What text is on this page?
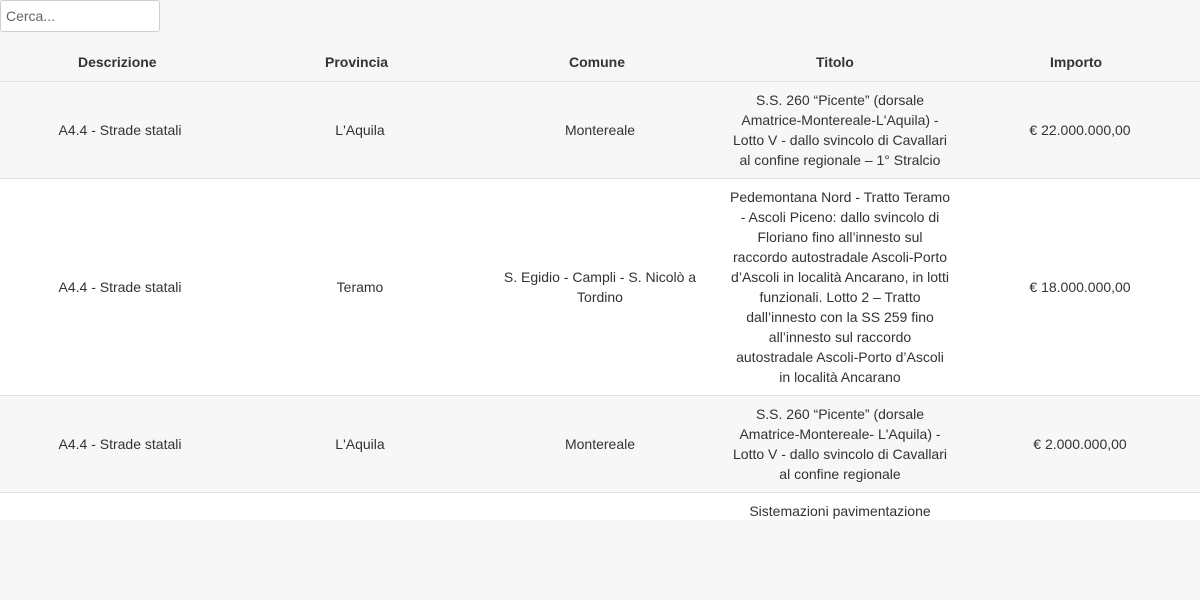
Cerca...
Descrizione	Provincia	Comune	Titolo	Importo
A4.4 - Strade statali	L'Aquila	Montereale	S.S. 260 “Picente” (dorsale Amatrice-Montereale-L'Aquila) - Lotto V - dallo svincolo di Cavallari al confine regionale – 1° Stralcio	€ 22.000.000,00
A4.4 - Strade statali	Teramo	S. Egidio - Campli - S. Nicolò a Tordino	Pedemontana Nord - Tratto Teramo - Ascoli Piceno: dallo svincolo di Floriano fino all’innesto sul raccordo autostradale Ascoli-Porto d’Ascoli in località Ancarano, in lotti funzionali. Lotto 2 – Tratto dall’innesto con la SS 259 fino all’innesto sul raccordo autostradale Ascoli-Porto d’Ascoli in località Ancarano	€ 18.000.000,00
A4.4 - Strade statali	L'Aquila	Montereale	S.S. 260 “Picente” (dorsale Amatrice-Montereale- L'Aquila) - Lotto V - dallo svincolo di Cavallari al confine regionale	€ 2.000.000,00
			Sistemazioni pavimentazione	
